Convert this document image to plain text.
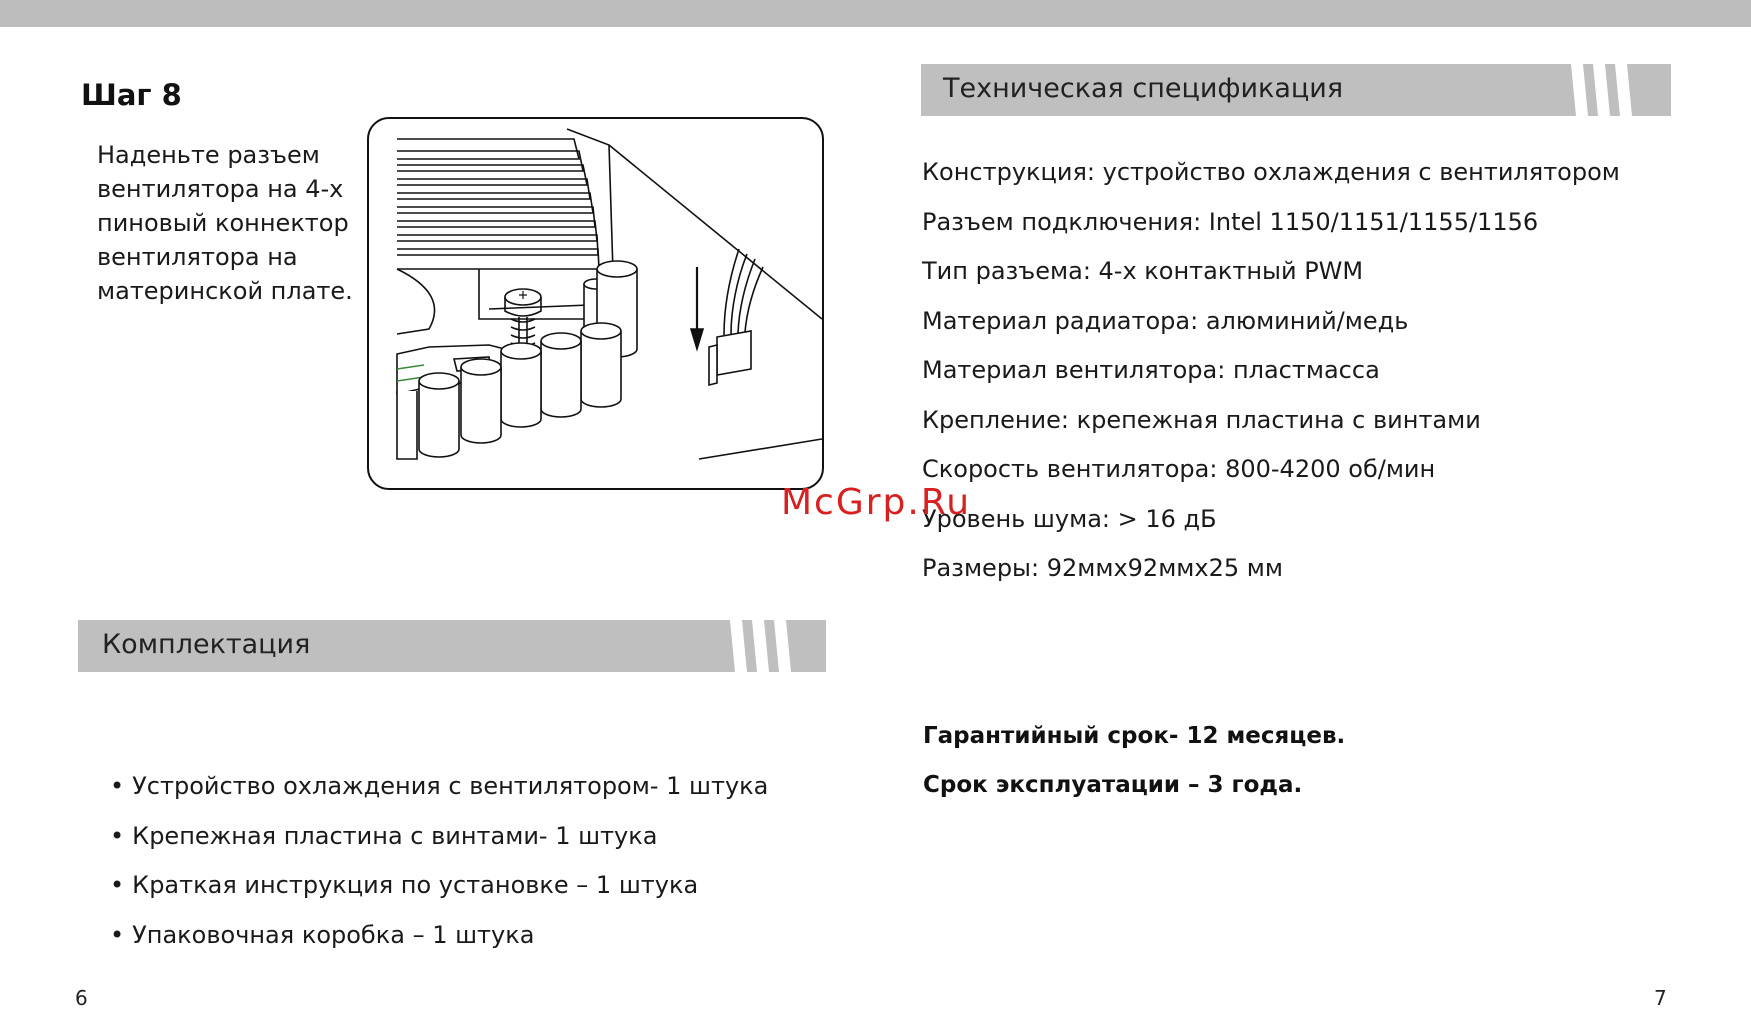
Шаг 8
Наденьте разъем
вентилятора на 4-х
пиновый коннектор
вентилятора на
материнской плате.
Техническая спецификация
Конструкция: устройство охлаждения с вентилятором
Разъем подключения: Intel 1150/1151/1155/1156
Тип разъема: 4-х контактный PWM
Материал радиатора: алюминий/медь
Материал вентилятора: пластмасса
Крепление: крепежная пластина с винтами
Скорость вентилятора: 800-4200 об/мин
Уровень шума: > 16 дБ
Размеры: 92ммx92ммx25 мм
Комплектация
• Устройство охлаждения с вентилятором- 1 штука
• Крепежная пластина с винтами- 1 штука
• Краткая инструкция по установке – 1 штука
• Упаковочная коробка – 1 штука
Гарантийный срок- 12 месяцев.
Срок эксплуатации – 3 года.
6	7
McGrp.Ru
